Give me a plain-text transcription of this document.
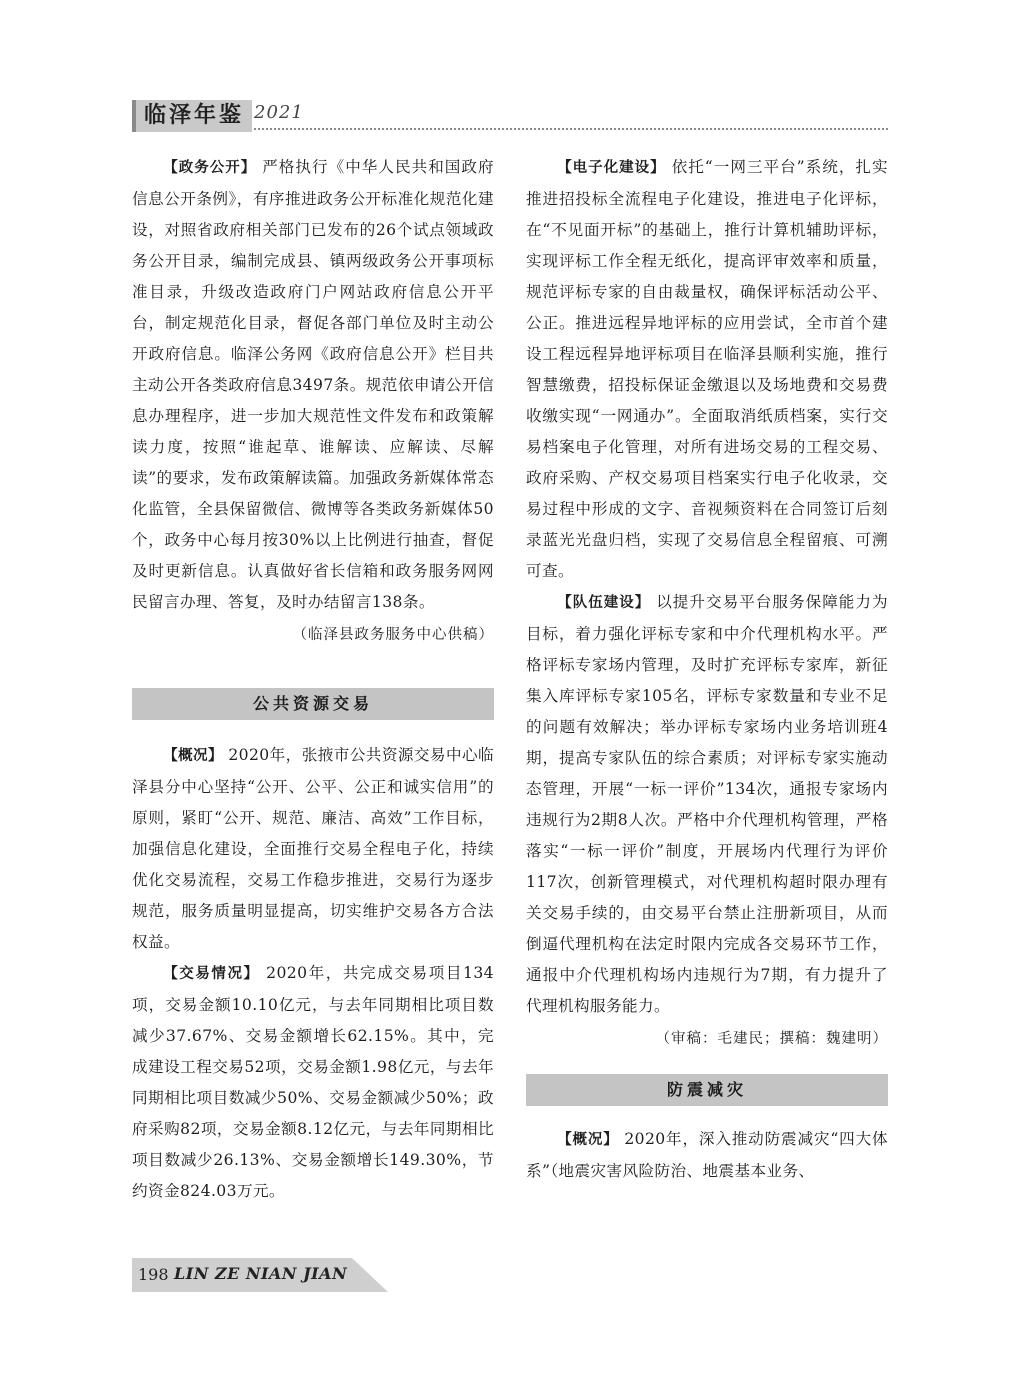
临泽年鉴 2021

【政务公开】 严格执行《中华人民共和国政府信息公开条例》，有序推进政务公开标准化规范化建设，对照省政府相关部门已发布的26个试点领域政务公开目录，编制完成县、镇两级政务公开事项标准目录，升级改造政府门户网站政府信息公开平台，制定规范化目录，督促各部门单位及时主动公开政府信息。临泽公务网《政府信息公开》栏目共主动公开各类政府信息3497条。规范依申请公开信息办理程序，进一步加大规范性文件发布和政策解读力度，按照“谁起草、谁解读、应解读、尽解读”的要求，发布政策解读篇。加强政务新媒体常态化监管，全县保留微信、微博等各类政务新媒体50个，政务中心每月按30%以上比例进行抽查，督促及时更新信息。认真做好省长信箱和政务服务网网民留言办理、答复，及时办结留言138条。

（临泽县政务服务中心供稿）
公共资源交易

【概况】 2020年，张掖市公共资源交易中心临泽县分中心坚持“公开、公平、公正和诚实信用”的原则，紧盯“公开、规范、廉洁、高效”工作目标，加强信息化建设，全面推行交易全程电子化，持续优化交易流程，交易工作稳步推进，交易行为逐步规范，服务质量明显提高，切实维护交易各方合法权益。

【交易情况】 2020年，共完成交易项目134项，交易金额10.10亿元，与去年同期相比项目数减少37.67%、交易金额增长62.15%。其中，完成建设工程交易52项，交易金额1.98亿元，与去年同期相比项目数减少50%、交易金额减少50%；政府采购82项，交易金额8.12亿元，与去年同期相比项目数减少26.13%、交易金额增长149.30%，节约资金824.03万元。

【电子化建设】 依托“一网三平台”系统，扎实推进招投标全流程电子化建设，推进电子化评标，在“不见面开标”的基础上，推行计算机辅助评标，实现评标工作全程无纸化，提高评审效率和质量，规范评标专家的自由裁量权，确保评标活动公平、公正。推进远程异地评标的应用尝试，全市首个建设工程远程异地评标项目在临泽县顺利实施，推行智慧缴费，招投标保证金缴退以及场地费和交易费收缴实现“一网通办”。全面取消纸质档案，实行交易档案电子化管理，对所有进场交易的工程交易、政府采购、产权交易项目档案实行电子化收录，交易过程中形成的文字、音视频资料在合同签订后刻录蓝光光盘归档，实现了交易信息全程留痕、可溯可查。

【队伍建设】 以提升交易平台服务保障能力为目标，着力强化评标专家和中介代理机构水平。严格评标专家场内管理，及时扩充评标专家库，新征集入库评标专家105名，评标专家数量和专业不足的问题有效解决；举办评标专家场内业务培训班4期，提高专家队伍的综合素质；对评标专家实施动态管理，开展“一标一评价”134次，通报专家场内违规行为2期8人次。严格中介代理机构管理，严格落实“一标一评价”制度，开展场内代理行为评价117次，创新管理模式，对代理机构超时限办理有关交易手续的，由交易平台禁止注册新项目，从而倒逼代理机构在法定时限内完成各交易环节工作，通报中介代理机构场内违规行为7期，有力提升了代理机构服务能力。

（审稿：毛建民；撰稿：魏建明）
防震减灾

【概况】 2020年，深入推动防震减灾“四大体系”（地震灾害风险防治、地震基本业务、

198 LIN ZE NIAN JIAN
